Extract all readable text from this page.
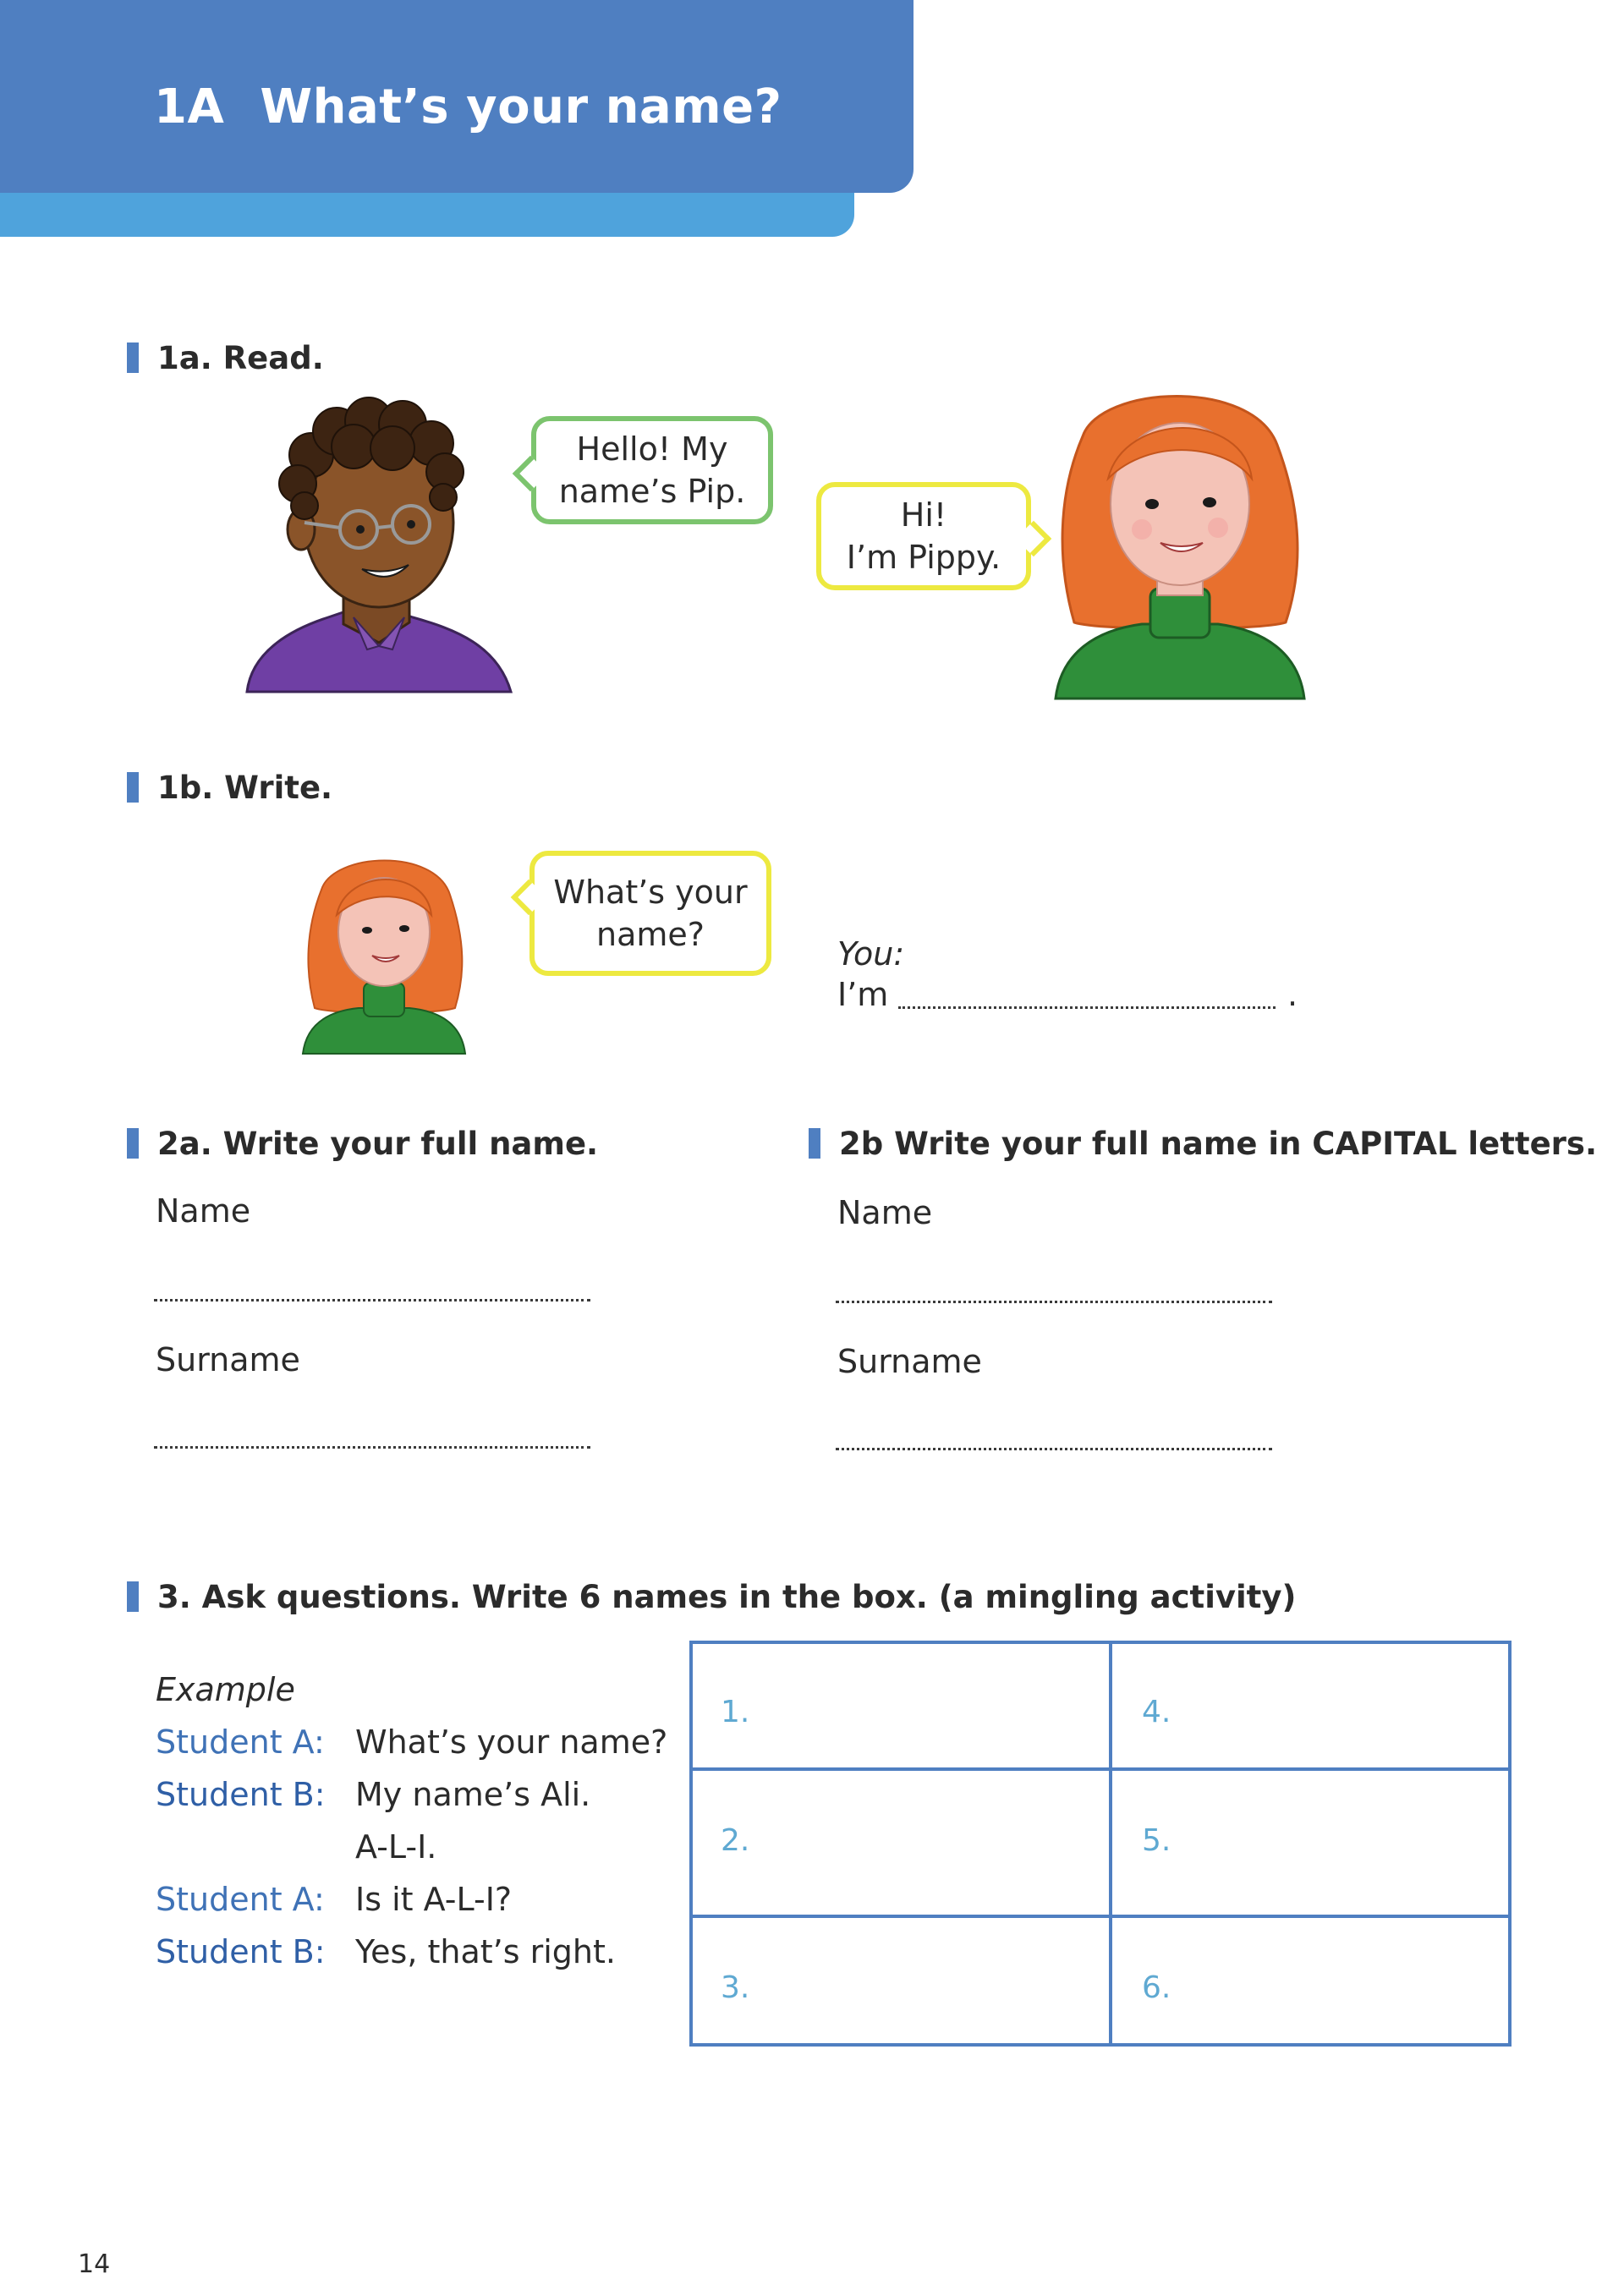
1A What’s your name?
1a. Read.
Hello! My
name’s Pip.
Hi!
I’m Pippy.
1b. Write.
What’s your
name?
You:
I’m	.
2a. Write your full name.
Name
Surname
2b Write your full name in CAPITAL letters.
Name
Surname
3. Ask questions. Write 6 names in the box. (a mingling activity)
Example
Student A: What’s your name?
Student B: My name’s Ali.
A-L-I.
Student A: Is it A-L-I?
Student B: Yes, that’s right.
1.
2.
3.
4.
5.
6.
14
